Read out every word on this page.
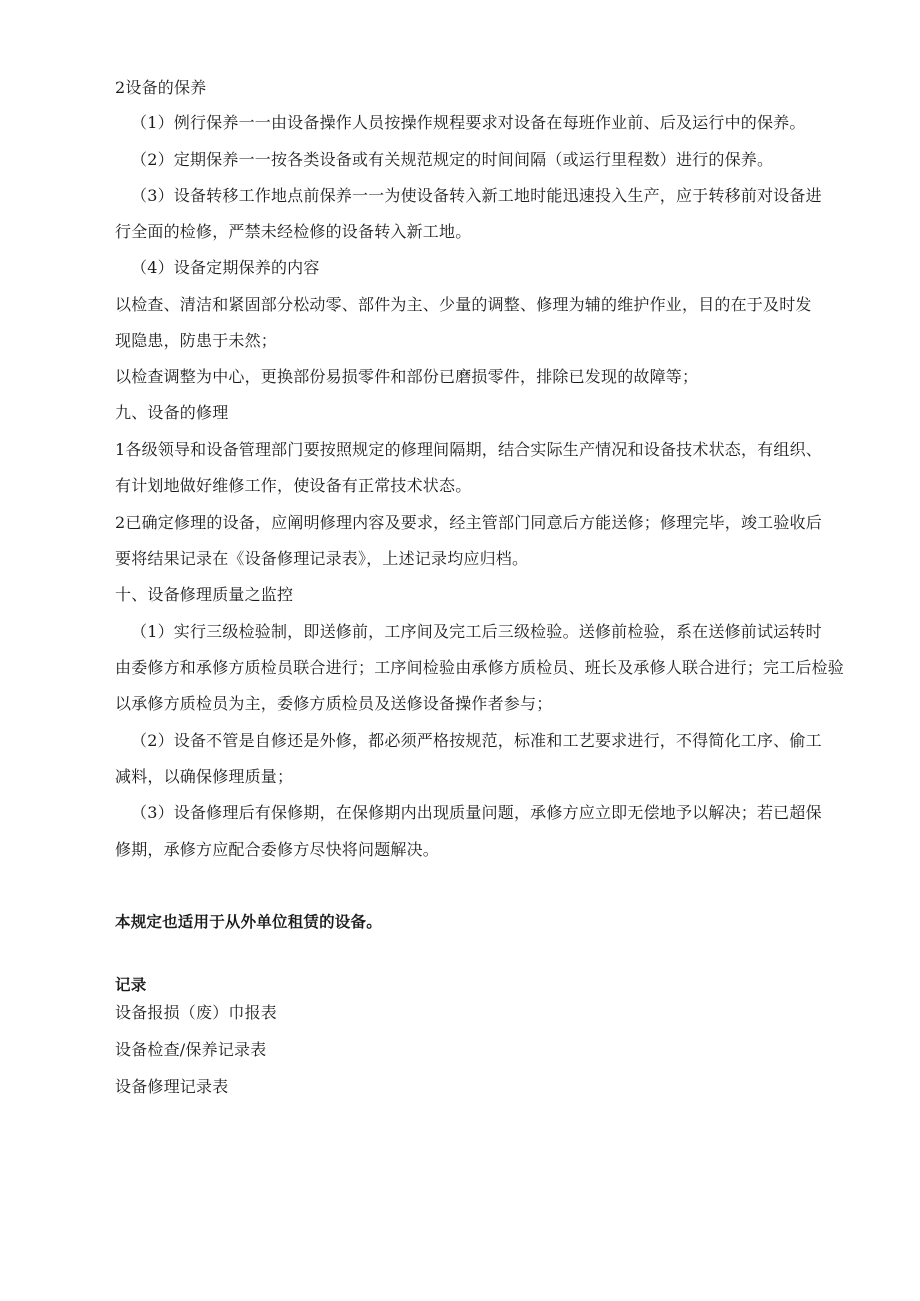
2设备的保养
（1）例行保养一一由设备操作人员按操作规程要求对设备在每班作业前、后及运行中的保养。
（2）定期保养一一按各类设备或有关规范规定的时间间隔（或运行里程数）进行的保养。
（3）设备转移工作地点前保养一一为使设备转入新工地时能迅速投入生产，应于转移前对设备进
行全面的检修，严禁未经检修的设备转入新工地。
（4）设备定期保养的内容
以检查、清洁和紧固部分松动零、部件为主、少量的调整、修理为辅的维护作业，目的在于及时发
现隐患，防患于未然；
以检查调整为中心，更换部份易损零件和部份已磨损零件，排除已发现的故障等；
九、设备的修理
1各级领导和设备管理部门要按照规定的修理间隔期，结合实际生产情况和设备技术状态，有组织、
有计划地做好维修工作，使设备有正常技术状态。
2已确定修理的设备，应阐明修理内容及要求，经主管部门同意后方能送修；修理完毕，竣工验收后
要将结果记录在《设备修理记录表》，上述记录均应归档。
十、设备修理质量之监控
（1）实行三级检验制，即送修前，工序间及完工后三级检验。送修前检验，系在送修前试运转时
由委修方和承修方质检员联合进行；工序间检验由承修方质检员、班长及承修人联合进行；完工后检验
以承修方质检员为主，委修方质检员及送修设备操作者参与；
（2）设备不管是自修还是外修，都必须严格按规范，标准和工艺要求进行，不得简化工序、偷工
减料，以确保修理质量；
（3）设备修理后有保修期，在保修期内出现质量问题，承修方应立即无偿地予以解决；若已超保
修期，承修方应配合委修方尽快将问题解决。
本规定也适用于从外单位租赁的设备。
记录
设备报损（废）巾报表
设备检查/保养记录表
设备修理记录表
